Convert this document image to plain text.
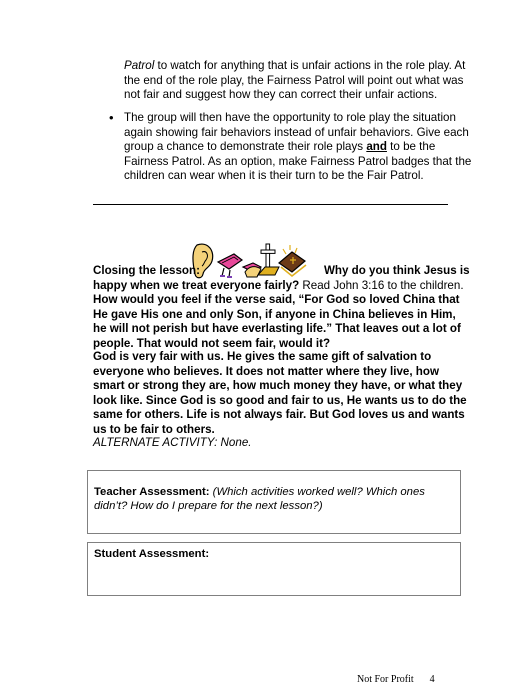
Patrol to watch for anything that is unfair actions in the role play. At the end of the role play, the Fairness Patrol will point out what was not fair and suggest how they can correct their unfair actions.
• The group will then have the opportunity to role play the situation again showing fair behaviors instead of unfair behaviors. Give each group a chance to demonstrate their role plays and to be the Fairness Patrol. As an option, make Fairness Patrol badges that the children can wear when it is their turn to be the Fair Patrol.
Closing the lesson:	Why do you think Jesus is happy when we treat everyone fairly? Read John 3:16 to the children. How would you feel if the verse said, “For God so loved China that He gave His one and only Son, if anyone in China believes in Him, he will not perish but have everlasting life.” That leaves out a lot of people. That would not seem fair, would it?
God is very fair with us. He gives the same gift of salvation to everyone who believes. It does not matter where they live, how smart or strong they are, how much money they have, or what they look like. Since God is so good and fair to us, He wants us to do the same for others. Life is not always fair. But God loves us and wants us to be fair to others.
ALTERNATE ACTIVITY: None.
Teacher Assessment: (Which activities worked well? Which ones didn’t? How do I prepare for the next lesson?)
Student Assessment:
Not For Profit 4
